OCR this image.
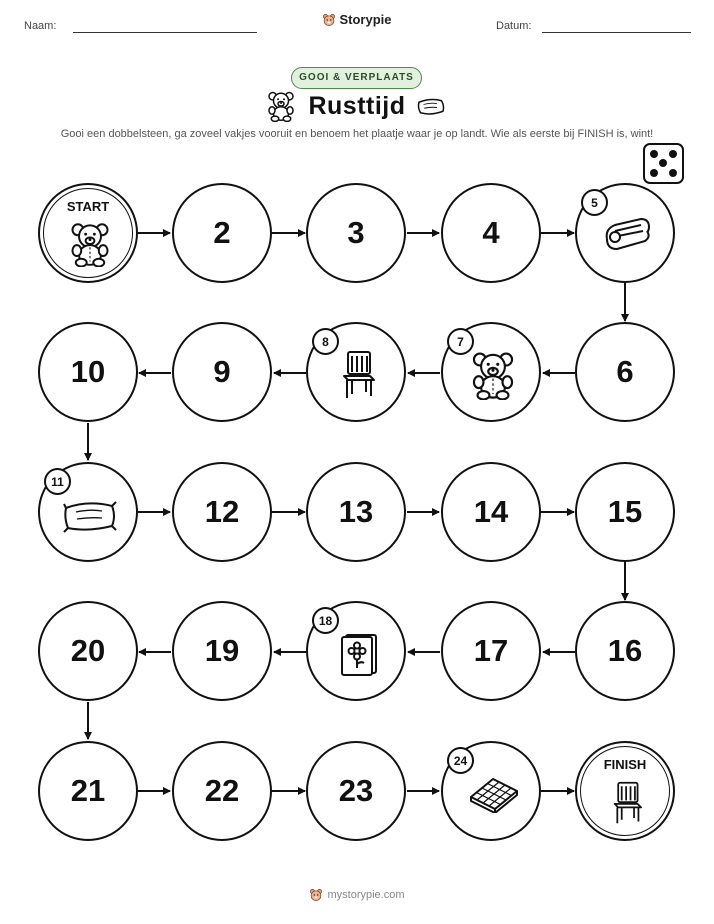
Naam:	Datum:
Storypie
GOOI & VERPLAATS
Rusttijd
Gooi een dobbelsteen, ga zoveel vakjes vooruit en benoem het plaatje waar je op landt. Wie als eerste bij FINISH is, wint!
START
2	3	4
5
10	9
8	7
6
11
12	13	14	15
20	19
18
17	16
21	22	23
24	FINISH
mystorypie.com
